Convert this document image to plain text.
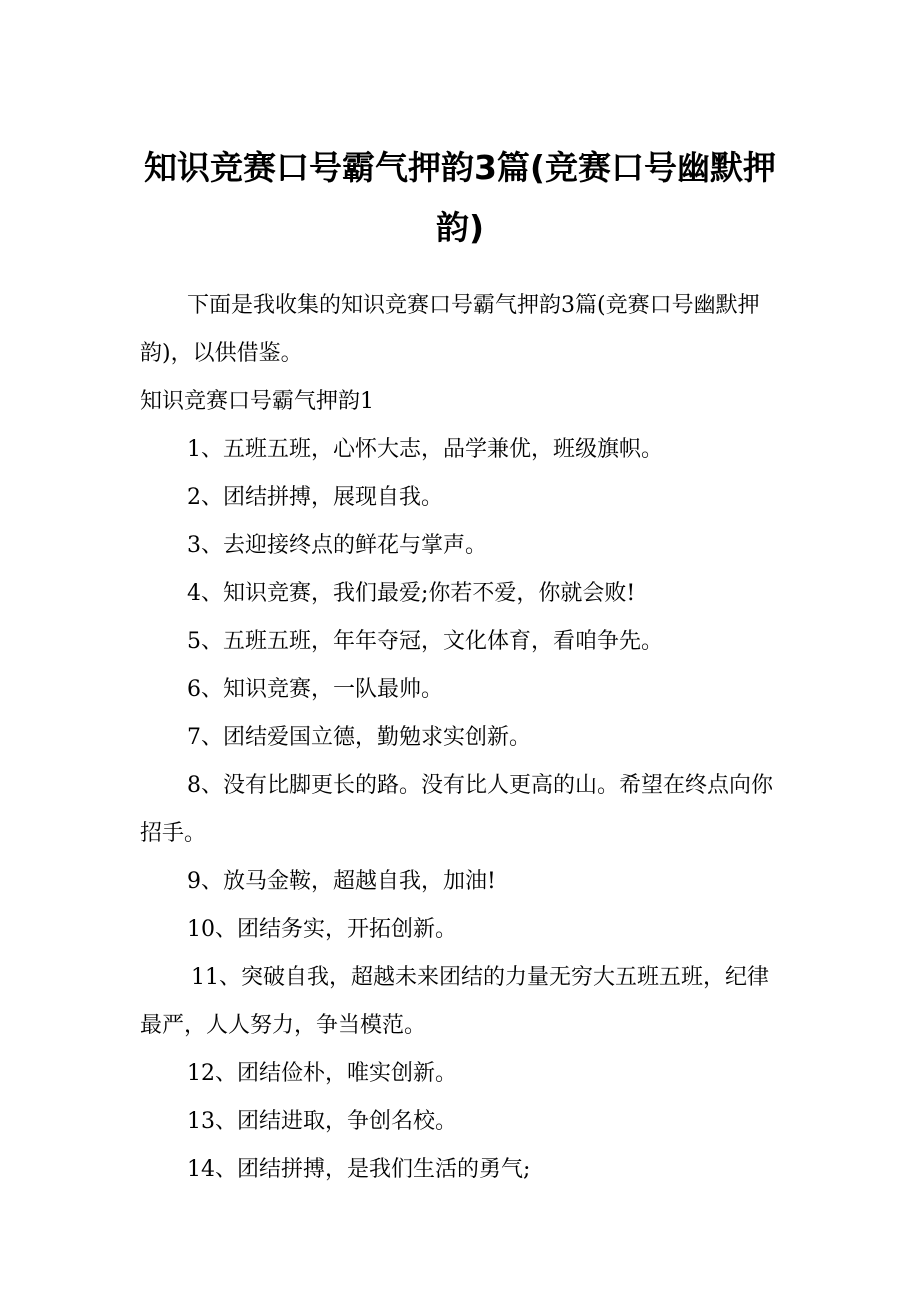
知识竞赛口号霸气押韵3篇(竞赛口号幽默押韵)

下面是我收集的知识竞赛口号霸气押韵3篇(竞赛口号幽默押韵)，以供借鉴。

知识竞赛口号霸气押韵1

1、五班五班，心怀大志，品学兼优，班级旗帜。

2、团结拼搏，展现自我。

3、去迎接终点的鲜花与掌声。

4、知识竞赛，我们最爱;你若不爱，你就会败!

5、五班五班，年年夺冠，文化体育，看咱争先。

6、知识竞赛，一队最帅。

7、团结爱国立德，勤勉求实创新。

8、没有比脚更长的路。没有比人更高的山。希望在终点向你招手。

9、放马金鞍，超越自我，加油!

10、团结务实，开拓创新。

11、突破自我，超越未来团结的力量无穷大五班五班，纪律最严，人人努力，争当模范。

12、团结俭朴，唯实创新。

13、团结进取，争创名校。

14、团结拼搏，是我们生活的勇气;
